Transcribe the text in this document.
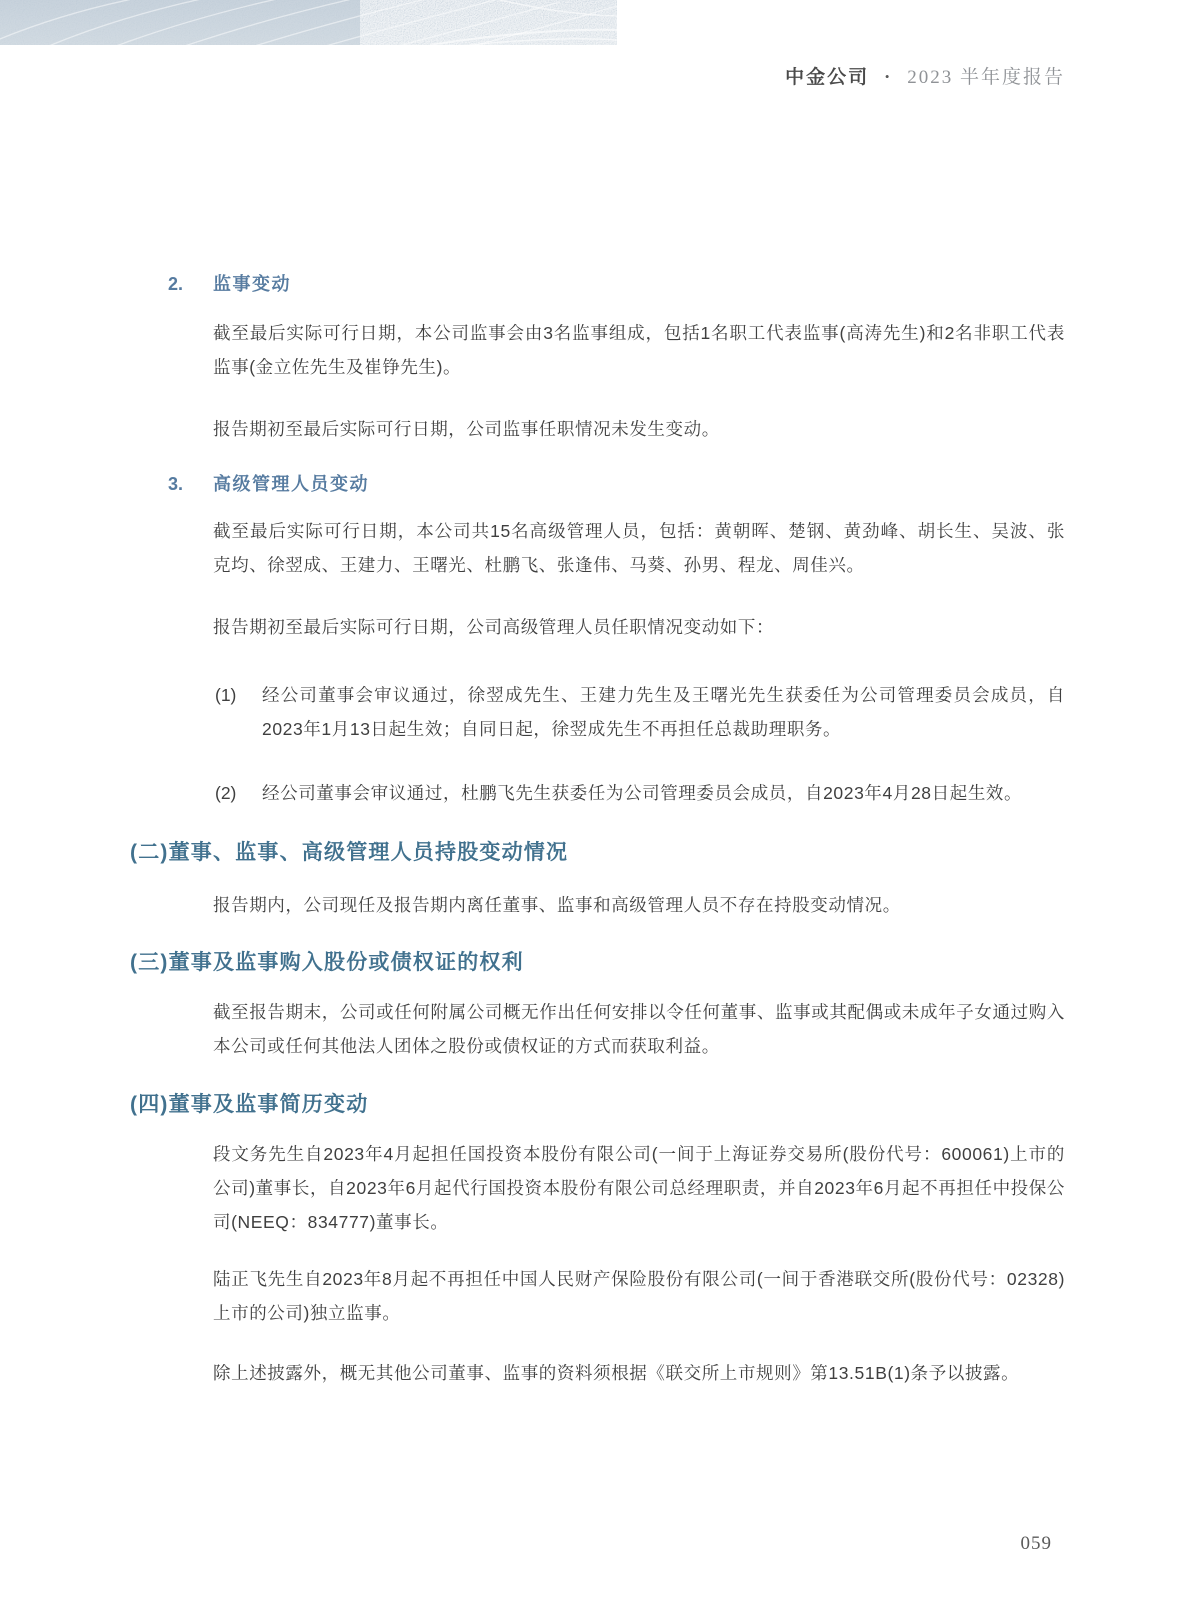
中金公司 • 2023 半年度报告
2.	监事变动
截至最后实际可行日期，本公司监事会由3名监事组成，包括1名职工代表监事(高涛先生)和2名非职工代表监事(金立佐先生及崔铮先生)。
报告期初至最后实际可行日期，公司监事任职情况未发生变动。
3.	高级管理人员变动
截至最后实际可行日期，本公司共15名高级管理人员，包括：黄朝晖、楚钢、黄劲峰、胡长生、吴波、张克均、徐翌成、王建力、王曙光、杜鹏飞、张逢伟、马葵、孙男、程龙、周佳兴。
报告期初至最后实际可行日期，公司高级管理人员任职情况变动如下：
(1)	经公司董事会审议通过，徐翌成先生、王建力先生及王曙光先生获委任为公司管理委员会成员，自2023年1月13日起生效；自同日起，徐翌成先生不再担任总裁助理职务。
(2)	经公司董事会审议通过，杜鹏飞先生获委任为公司管理委员会成员，自2023年4月28日起生效。
(二)董事、监事、高级管理人员持股变动情况
报告期内，公司现任及报告期内离任董事、监事和高级管理人员不存在持股变动情况。
(三)董事及监事购入股份或债权证的权利
截至报告期末，公司或任何附属公司概无作出任何安排以令任何董事、监事或其配偶或未成年子女通过购入本公司或任何其他法人团体之股份或债权证的方式而获取利益。
(四)董事及监事简历变动
段文务先生自2023年4月起担任国投资本股份有限公司(一间于上海证券交易所(股份代号：600061)上市的公司)董事长，自2023年6月起代行国投资本股份有限公司总经理职责，并自2023年6月起不再担任中投保公司(NEEQ：834777)董事长。
陆正飞先生自2023年8月起不再担任中国人民财产保险股份有限公司(一间于香港联交所(股份代号：02328)上市的公司)独立监事。
除上述披露外，概无其他公司董事、监事的资料须根据《联交所上市规则》第13.51B(1)条予以披露。
059
